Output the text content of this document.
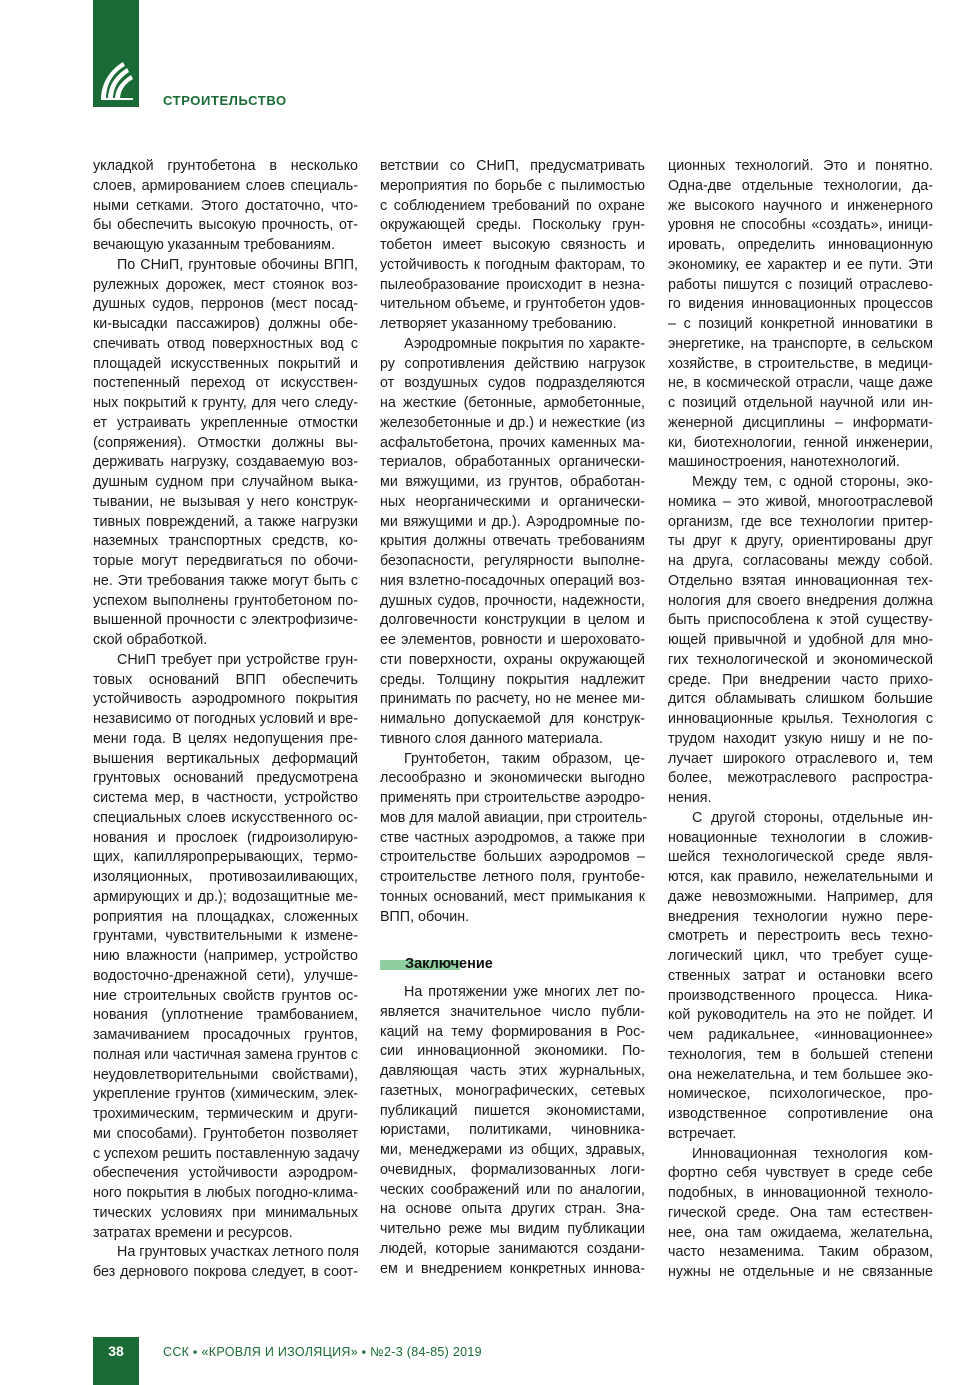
СТРОИТЕЛЬСТВО
укладкой грунтобетона в несколько
слоев, армированием слоев специаль-
ными сетками. Этого достаточно, что-
бы обеспечить высокую прочность, от-
вечающую указанным требованиям.
По СНиП, грунтовые обочины ВПП,
рулежных дорожек, мест стоянок воз-
душных судов, перронов (мест посад-
ки-высадки пассажиров) должны обе-
спечивать отвод поверхностных вод с
площадей искусственных покрытий и
постепенный переход от искусствен-
ных покрытий к грунту, для чего следу-
ет устраивать укрепленные отмостки
(сопряжения). Отмостки должны вы-
держивать нагрузку, создаваемую воз-
душным судном при случайном выка-
тывании, не вызывая у него конструк-
тивных повреждений, а также нагрузки
наземных транспортных средств, ко-
торые могут передвигаться по обочи-
не. Эти требования также могут быть с
успехом выполнены грунтобетоном по-
вышенной прочности с электрофизиче-
ской обработкой.
СНиП требует при устройстве грун-
товых оснований ВПП обеспечить
устойчивость аэродромного покрытия
независимо от погодных условий и вре-
мени года. В целях недопущения пре-
вышения вертикальных деформаций
грунтовых оснований предусмотрена
система мер, в частности, устройство
специальных слоев искусственного ос-
нования и прослоек (гидроизолирую-
щих, капилляропрерывающих, термо-
изоляционных, противозаиливающих,
армирующих и др.); водозащитные ме-
роприятия на площадках, сложенных
грунтами, чувствительными к измене-
нию влажности (например, устройство
водосточно-дренажной сети), улучше-
ние строительных свойств грунтов ос-
нования (уплотнение трамбованием,
замачиванием просадочных грунтов,
полная или частичная замена грунтов с
неудовлетворительными свойствами),
укрепление грунтов (химическим, элек-
трохимическим, термическим и други-
ми способами). Грунтобетон позволяет
с успехом решить поставленную задачу
обеспечения устойчивости аэродром-
ного покрытия в любых погодно-клима-
тических условиях при минимальных
затратах времени и ресурсов.
На грунтовых участках летного поля
без дернового покрова следует, в соот-
ветствии со СНиП, предусматривать
мероприятия по борьбе с пылимостью
с соблюдением требований по охране
окружающей среды. Поскольку грун-
тобетон имеет высокую связность и
устойчивость к погодным факторам, то
пылеобразование происходит в незна-
чительном объеме, и грунтобетон удов-
летворяет указанному требованию.
Аэродромные покрытия по характе-
ру сопротивления действию нагрузок
от воздушных судов подразделяются
на жесткие (бетонные, армобетонные,
железобетонные и др.) и нежесткие (из
асфальтобетона, прочих каменных ма-
териалов, обработанных органически-
ми вяжущими, из грунтов, обработан-
ных неорганическими и органически-
ми вяжущими и др.). Аэродромные по-
крытия должны отвечать требованиям
безопасности, регулярности выполне-
ния взлетно-посадочных операций воз-
душных судов, прочности, надежности,
долговечности конструкции в целом и
ее элементов, ровности и шероховато-
сти поверхности, охраны окружающей
среды. Толщину покрытия надлежит
принимать по расчету, но не менее ми-
нимально допускаемой для конструк-
тивного слоя данного материала.
Грунтобетон, таким образом, це-
лесообразно и экономически выгодно
применять при строительстве аэродро-
мов для малой авиации, при строитель-
стве частных аэродромов, а также при
строительстве больших аэродромов –
строительстве летного поля, грунтобе-
тонных оснований, мест примыкания к
ВПП, обочин.
Заключение
На протяжении уже многих лет по-
является значительное число публи-
каций на тему формирования в Рос-
сии инновационной экономики. По-
давляющая часть этих журнальных,
газетных, монографических, сетевых
публикаций пишется экономистами,
юристами, политиками, чиновника-
ми, менеджерами из общих, здравых,
очевидных, формализованных логи-
ческих соображений или по аналогии,
на основе опыта других стран. Зна-
чительно реже мы видим публикации
людей, которые занимаются создани-
ем и внедрением конкретных иннова-
ционных технологий. Это и понятно.
Одна-две отдельные технологии, да-
же высокого научного и инженерного
уровня не способны «создать», иници-
ировать, определить инновационную
экономику, ее характер и ее пути. Эти
работы пишутся с позиций отраслево-
го видения инновационных процессов
– с позиций конкретной инноватики в
энергетике, на транспорте, в сельском
хозяйстве, в строительстве, в медици-
не, в космической отрасли, чаще даже
с позиций отдельной научной или ин-
женерной дисциплины – информати-
ки, биотехнологии, генной инженерии,
машиностроения, нанотехнологий.
Между тем, с одной стороны, эко-
номика – это живой, многоотраслевой
организм, где все технологии притер-
ты друг к другу, ориентированы друг
на друга, согласованы между собой.
Отдельно взятая инновационная тех-
нология для своего внедрения должна
быть приспособлена к этой существу-
ющей привычной и удобной для мно-
гих технологической и экономической
среде. При внедрении часто прихо-
дится обламывать слишком большие
инновационные крылья. Технология с
трудом находит узкую нишу и не по-
лучает широкого отраслевого и, тем
более, межотраслевого распростра-
нения.
С другой стороны, отдельные ин-
новационные технологии в сложив-
шейся технологической среде явля-
ются, как правило, нежелательными и
даже невозможными. Например, для
внедрения технологии нужно пере-
смотреть и перестроить весь техно-
логический цикл, что требует суще-
ственных затрат и остановки всего
производственного процесса. Ника-
кой руководитель на это не пойдет. И
чем радикальнее, «инновационнее»
технология, тем в большей степени
она нежелательна, и тем большее эко-
номическое, психологическое, про-
изводственное сопротивление она
встречает.
Инновационная технология ком-
фортно себя чувствует в среде себе
подобных, в инновационной техноло-
гической среде. Она там естествен-
нее, она там ожидаема, желательна,
часто незаменима. Таким образом,
нужны не отдельные и не связанные
38	ССК ▪ «КРОВЛЯ И ИЗОЛЯЦИЯ» ▪ №2-3 (84-85) 2019
